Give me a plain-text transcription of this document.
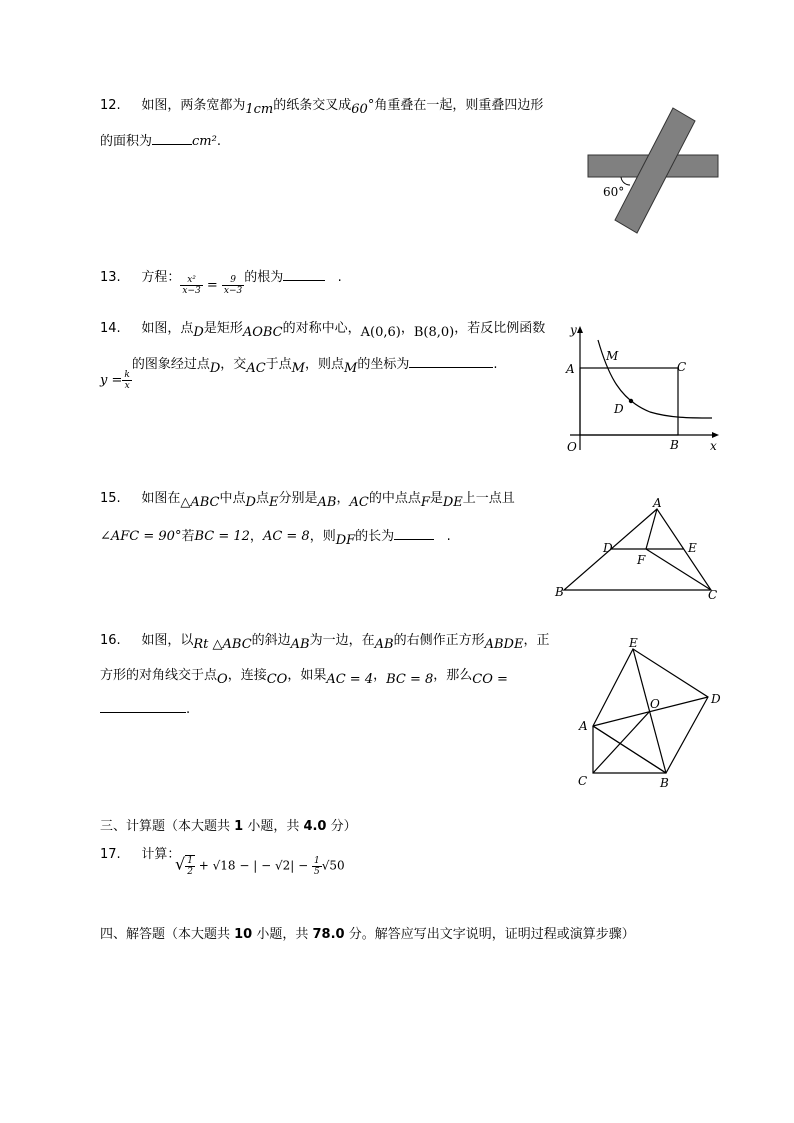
12. 如图，两条宽都为1cm的纸条交叉成60°角重叠在一起，则重叠四边形
的面积为	cm².
60°
13. 方程： $\frac{\text{x²}}{x-3} = \frac{9}{x-3}$ 的根为	.
14. 如图，点D是矩形AOBC的对称中心，A(0,6)，B(8,0)，若反比例函数
$y = \frac{k}{x}$
的图象经过点D，交AC于点M，则点M的坐标为	.
y
x
A
M
C
D
O	B
15. 如图在△ABC中点D点E分别是AB，AC的中点点F是DE上一点且
∠AFC = 90°若BC = 12，AC = 8，则DF的长为	.
A
D	E
F
B	C
16. 如图，以Rt △ABC的斜边AB为一边，在AB的右侧作正方形ABDE，正
方形的对角线交于点O，连接CO，如果AC = 4，BC = 8，那么CO =
.
E
D
O
A
C	B
三、计算题（本大题共 1 小题，共 4.0 分）
17. 计算：
√ $\frac{1}{2} + √18$ − | − $√2| - \frac{1}{5} √50$
四、解答题（本大题共 10 小题，共 78.0 分。解答应写出文字说明，证明过程或演算步骤）
